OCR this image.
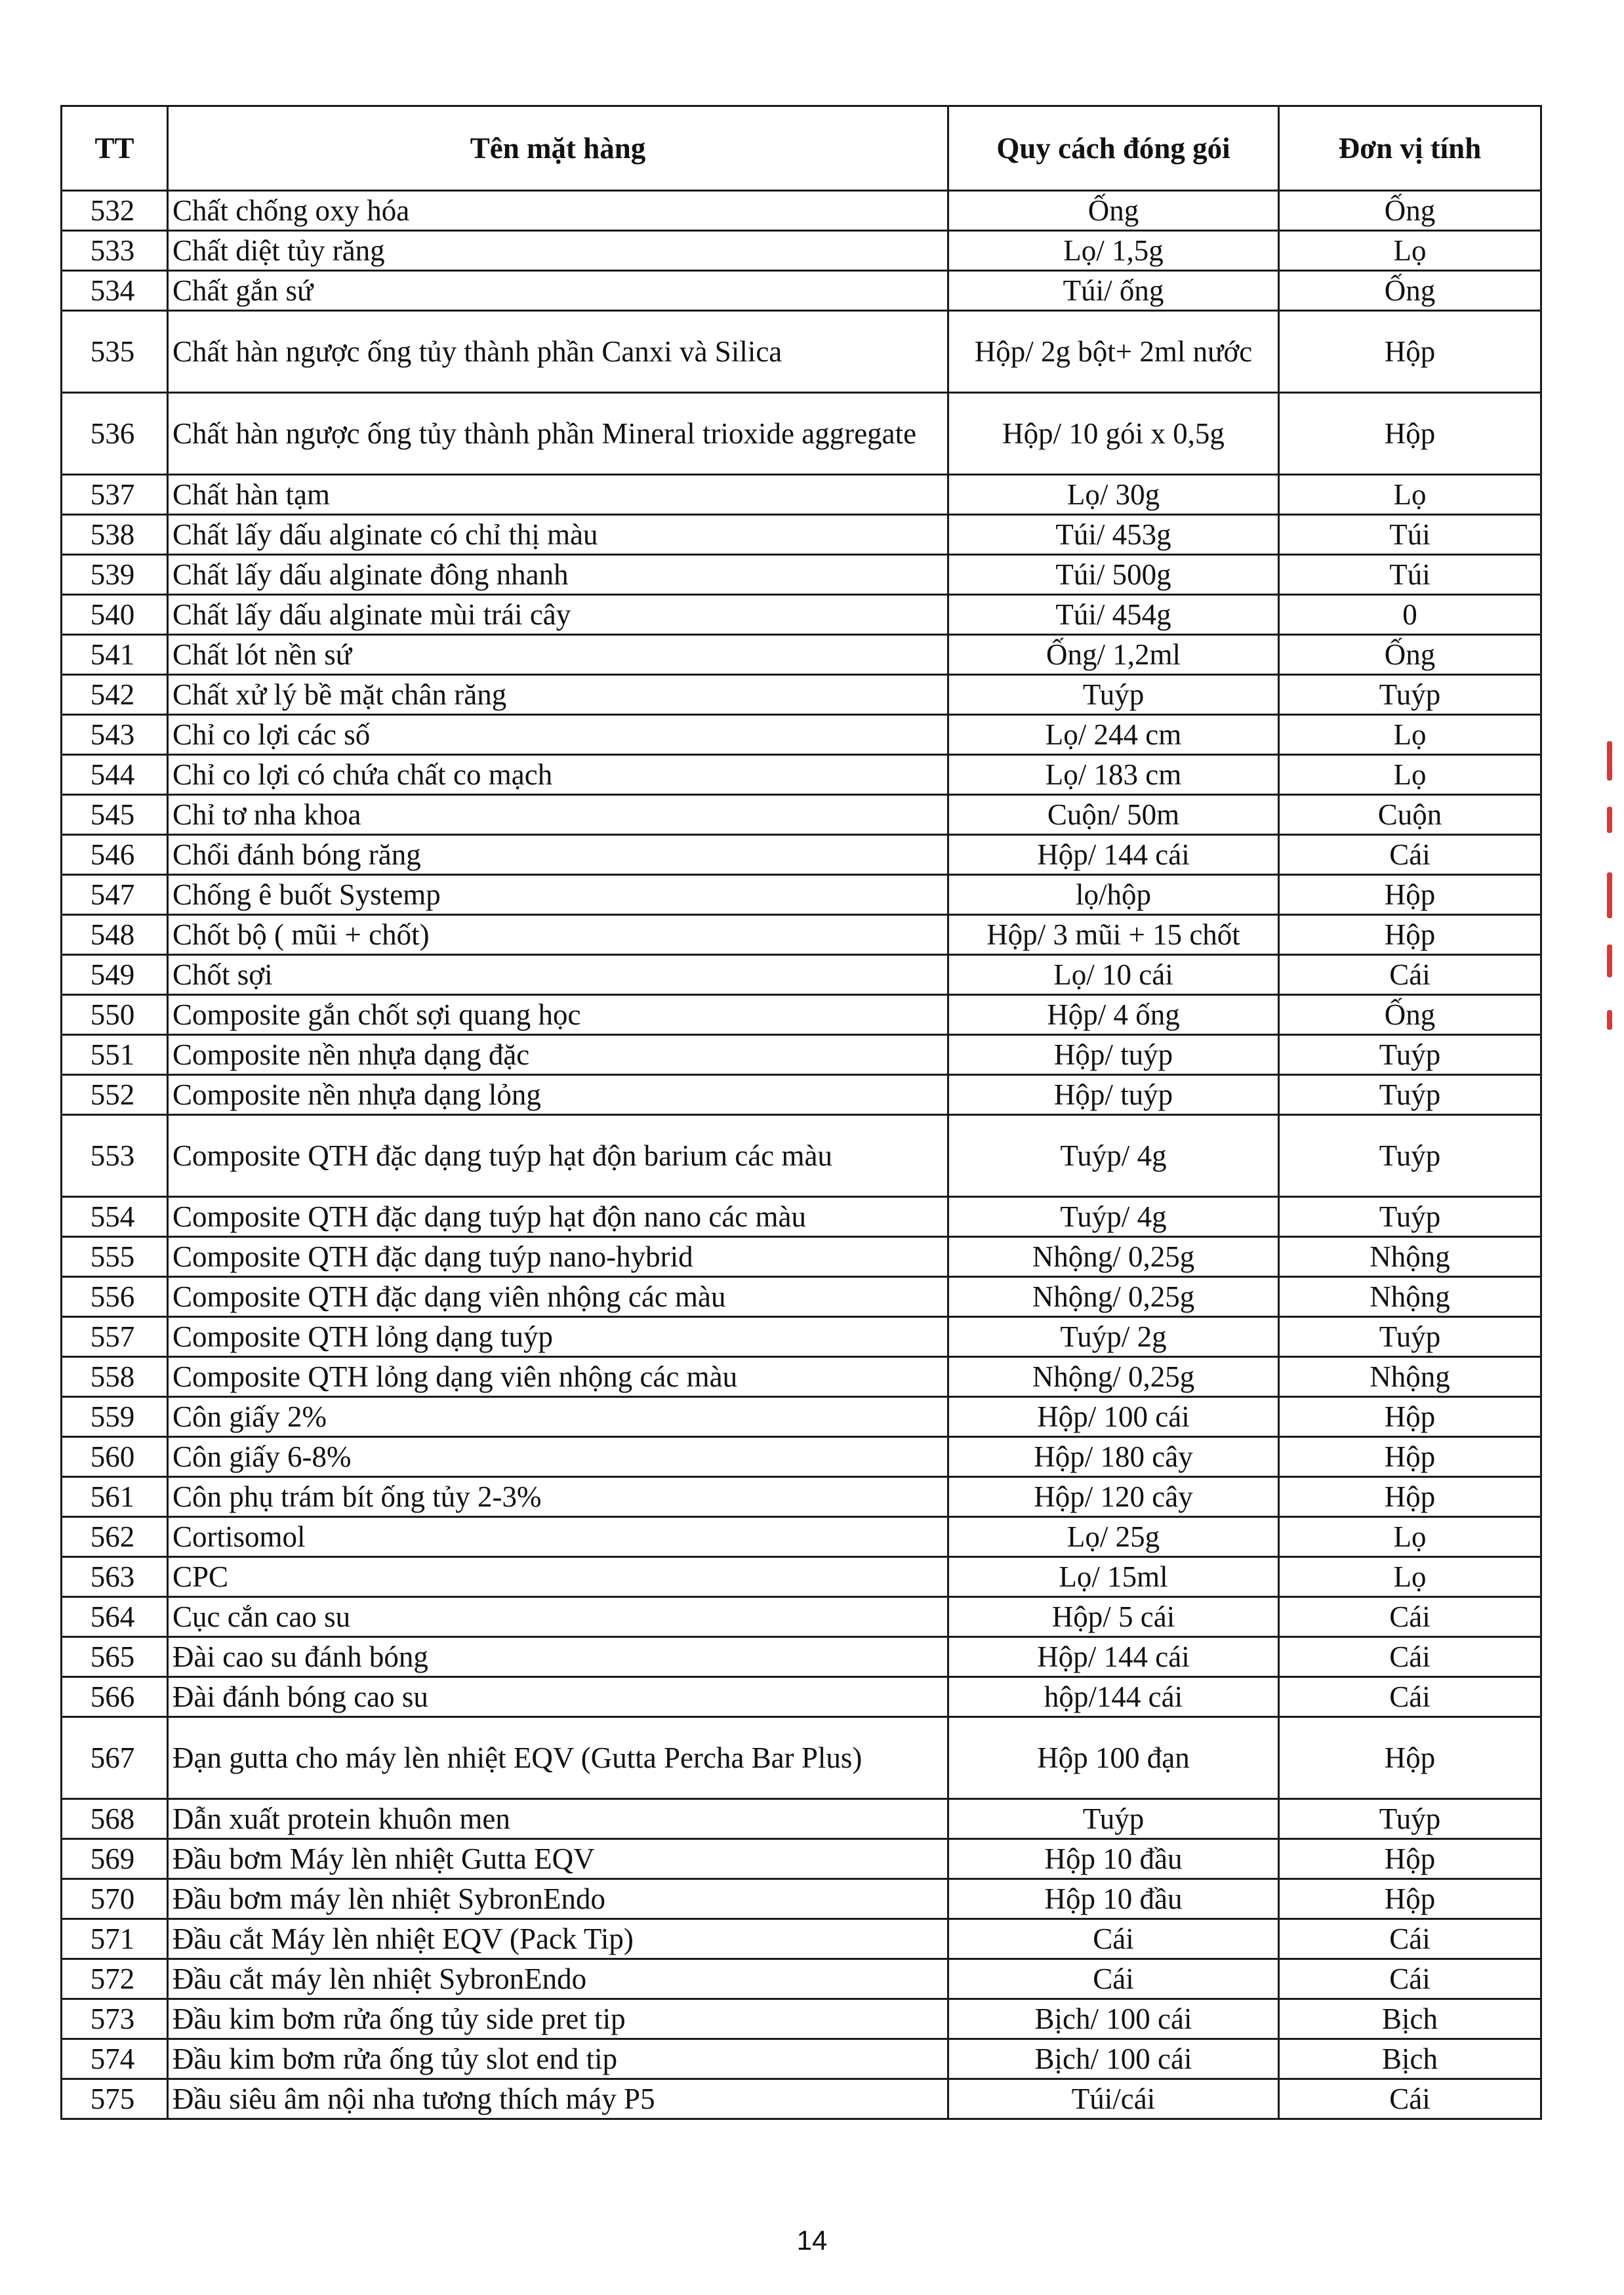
TT	Tên mặt hàng	Quy cách đóng gói	Đơn vị tính
532	Chất chống oxy hóa	Ống	Ống
533	Chất diệt tủy răng	Lọ/ 1,5g	Lọ
534	Chất gắn sứ	Túi/ ống	Ống
535	Chất hàn ngược ống tủy thành phần Canxi và Silica	Hộp/ 2g bột+ 2ml nước	Hộp
536	Chất hàn ngược ống tủy thành phần Mineral trioxide aggregate	Hộp/ 10 gói x 0,5g	Hộp
537	Chất hàn tạm	Lọ/ 30g	Lọ
538	Chất lấy dấu alginate có chỉ thị màu	Túi/ 453g	Túi
539	Chất lấy dấu alginate đông nhanh	Túi/ 500g	Túi
540	Chất lấy dấu alginate mùi trái cây	Túi/ 454g	0
541	Chất lót nền sứ	Ống/ 1,2ml	Ống
542	Chất xử lý bề mặt chân răng	Tuýp	Tuýp
543	Chỉ co lợi các số	Lọ/ 244 cm	Lọ
544	Chỉ co lợi có chứa chất co mạch	Lọ/ 183 cm	Lọ
545	Chỉ tơ nha khoa	Cuộn/ 50m	Cuộn
546	Chổi đánh bóng răng	Hộp/ 144 cái	Cái
547	Chống ê buốt Systemp	lọ/hộp	Hộp
548	Chốt bộ ( mũi + chốt)	Hộp/ 3 mũi + 15 chốt	Hộp
549	Chốt sợi	Lọ/ 10 cái	Cái
550	Composite gắn chốt sợi quang học	Hộp/ 4 ống	Ống
551	Composite nền nhựa dạng đặc	Hộp/ tuýp	Tuýp
552	Composite nền nhựa dạng lỏng	Hộp/ tuýp	Tuýp
553	Composite QTH đặc dạng tuýp hạt độn barium các màu	Tuýp/ 4g	Tuýp
554	Composite QTH đặc dạng tuýp hạt độn nano các màu	Tuýp/ 4g	Tuýp
555	Composite QTH đặc dạng tuýp nano-hybrid	Nhộng/ 0,25g	Nhộng
556	Composite QTH đặc dạng viên nhộng các màu	Nhộng/ 0,25g	Nhộng
557	Composite QTH lỏng dạng tuýp	Tuýp/ 2g	Tuýp
558	Composite QTH lỏng dạng viên nhộng các màu	Nhộng/ 0,25g	Nhộng
559	Côn giấy 2%	Hộp/ 100 cái	Hộp
560	Côn giấy 6-8%	Hộp/ 180 cây	Hộp
561	Côn phụ trám bít ống tủy 2-3%	Hộp/ 120 cây	Hộp
562	Cortisomol	Lọ/ 25g	Lọ
563	CPC	Lọ/ 15ml	Lọ
564	Cục cắn cao su	Hộp/ 5 cái	Cái
565	Đài cao su đánh bóng	Hộp/ 144 cái	Cái
566	Đài đánh bóng cao su	hộp/144 cái	Cái
567	Đạn gutta cho máy lèn nhiệt EQV (Gutta Percha Bar Plus)	Hộp 100 đạn	Hộp
568	Dẫn xuất protein khuôn men	Tuýp	Tuýp
569	Đầu bơm Máy lèn nhiệt Gutta EQV	Hộp 10 đầu	Hộp
570	Đầu bơm máy lèn nhiệt SybronEndo	Hộp 10 đầu	Hộp
571	Đầu cắt Máy lèn nhiệt EQV (Pack Tip)	Cái	Cái
572	Đầu cắt máy lèn nhiệt SybronEndo	Cái	Cái
573	Đầu kim bơm rửa ống tủy side pret tip	Bịch/ 100 cái	Bịch
574	Đầu kim bơm rửa ống tủy slot end tip	Bịch/ 100 cái	Bịch
575	Đầu siêu âm nội nha tương thích máy P5	Túi/cái	Cái
14
